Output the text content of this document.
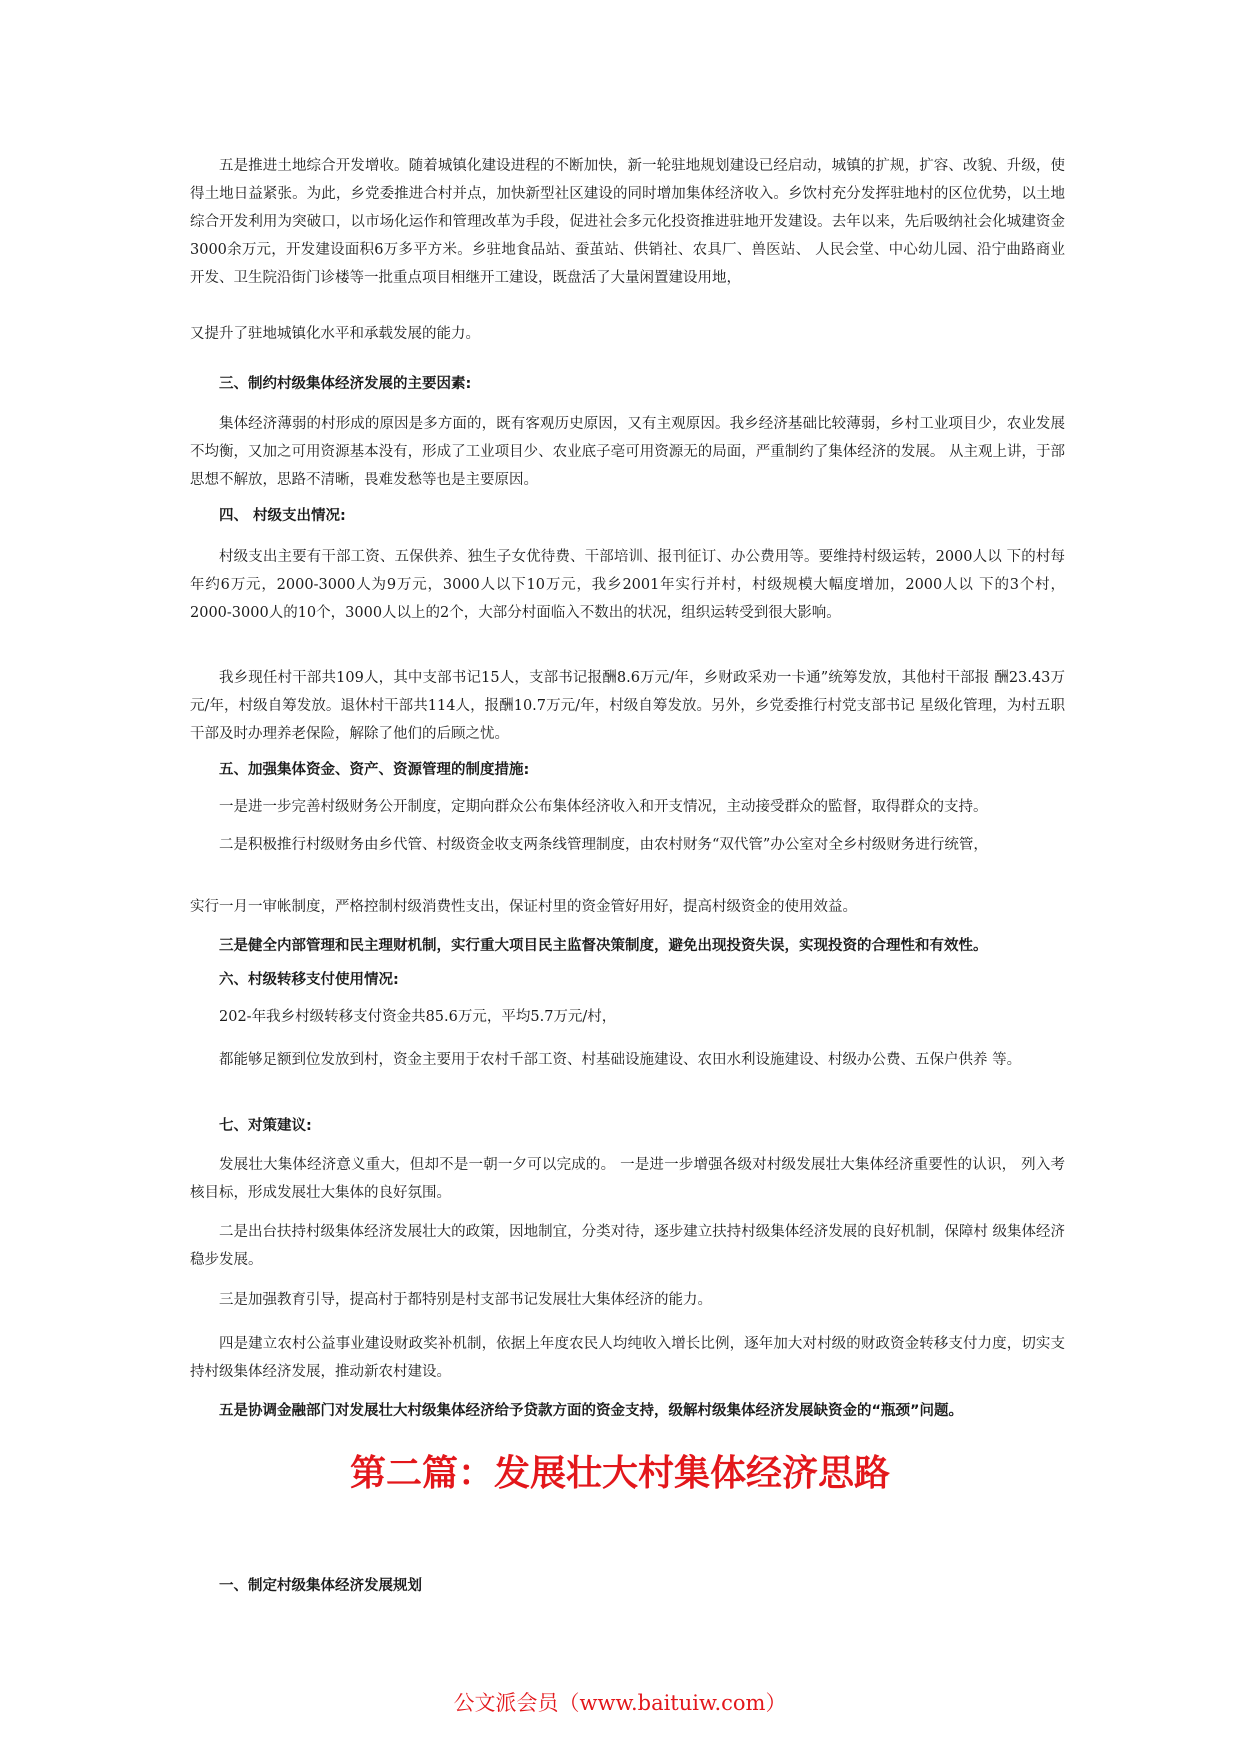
五是推进土地综合开发增收。随着城镇化建设进程的不断加快，新一轮驻地规划建设已经启动，城镇的扩规，扩容、改貌、升级，使得土地日益紧张。为此，乡党委推进合村并点，加快新型社区建设的同时增加集体经济收入。乡饮村充分发挥驻地村的区位优势，以土地综合开发利用为突破口，以市场化运作和管理改革为手段，促进社会多元化投资推进驻地开发建设。去年以来，先后吸纳社会化城建资金3000余万元，开发建设面积6万多平方米。乡驻地食品站、蚕茧站、供销社、农具厂、兽医站、 人民会堂、中心幼儿园、沿宁曲路商业开发、卫生院沿街门诊楼等一批重点项目相继开工建设，既盘活了大量闲置建设用地，

又提升了驻地城镇化水平和承载发展的能力。

三、制约村级集体经济发展的主要因素:

集体经济薄弱的村形成的原因是多方面的，既有客观历史原因，又有主观原因。我乡经济基础比较薄弱，乡村工业项目少，农业发展不均衡，又加之可用资源基本没有，形成了工业项目少、农业底子亳可用资源无的局面，严重制约了集体经济的发展。 从主观上讲，于部思想不解放，思路不清晰，畏难发愁等也是主要原因。

四、 村级支出情况:

村级支出主要有干部工资、五保供养、独生子女优待费、干部培训、报刊征订、办公费用等。要维持村级运转，2000人以 下的村每年约6万元，2000-3000人为9万元，3000人以下10万元，我乡2001年实行并村，村级规模大幅度增加，2000人以 下的3个村，2000-3000人的10个，3000人以上的2个，大部分村面临入不数出的状况，组织运转受到很大影响。

我乡现任村干部共109人，其中支部书记15人，支部书记报酬8.6万元/年，乡财政采劝一卡通”统筹发放，其他村干部报 酬23.43万元/年，村级自筹发放。退休村干部共114人，报酬10.7万元/年，村级自筹发放。另外，乡党委推行村党支部书记 星级化管理，为村五职干部及时办理养老保险，解除了他们的后顾之忧。

五、加强集体资金、资产、资源管理的制度措施:

一是进一步完善村级财务公开制度，定期向群众公布集体经济收入和开支情况，主动接受群众的監督，取得群众的支持。

二是积极推行村级财务由乡代管、村级资金收支两条线管理制度，由农村财务“双代管”办公室对全乡村级财务进行统管，

实行一月一审帐制度，严格控制村级消费性支出，保证村里的资金管好用好，提高村级资金的使用效益。

三是健全内部管理和民主理财机制，实行重大项目民主监督决策制度，避免出现投资失误，实现投资的合理性和有效性。

六、村级转移支付使用情况:

202-年我乡村级转移支付资金共85.6万元，平均5.7万元/村，

都能够足额到位发放到村，资金主要用于农村千部工资、村基础设施建设、农田水利设施建设、村级办公费、五保户供养 等。

七、对策建议:

发展壮大集体经济意义重大，但却不是一朝一夕可以完成的。 一是进一步增强各级对村级发展壮大集体经济重要性的认识， 列入考核目标，形成发展壮大集体的良好氛围。

二是出台扶持村级集体经济发展壮大的政策，因地制宜，分类对待，逐步建立扶持村级集体经济发展的良好机制，保障村 级集体经济稳步发展。

三是加强教育引导，提高村于都特别是村支部书记发展壮大集体经济的能力。

四是建立农村公益事业建设财政奖补机制，依据上年度农民人均纯收入增长比例，逐年加大对村级的财政资金转移支付力度，切实支持村级集体经济发展，推动新农村建设。

五是协调金融部门对发展壮大村级集体经济给予贷款方面的资金支持，级解村级集体经济发展缺资金的“瓶颈”问题。

第二篇：发展壮大村集体经济思路
一、制定村级集体经济发展规划

公文派会员（www.baituiw.com）
